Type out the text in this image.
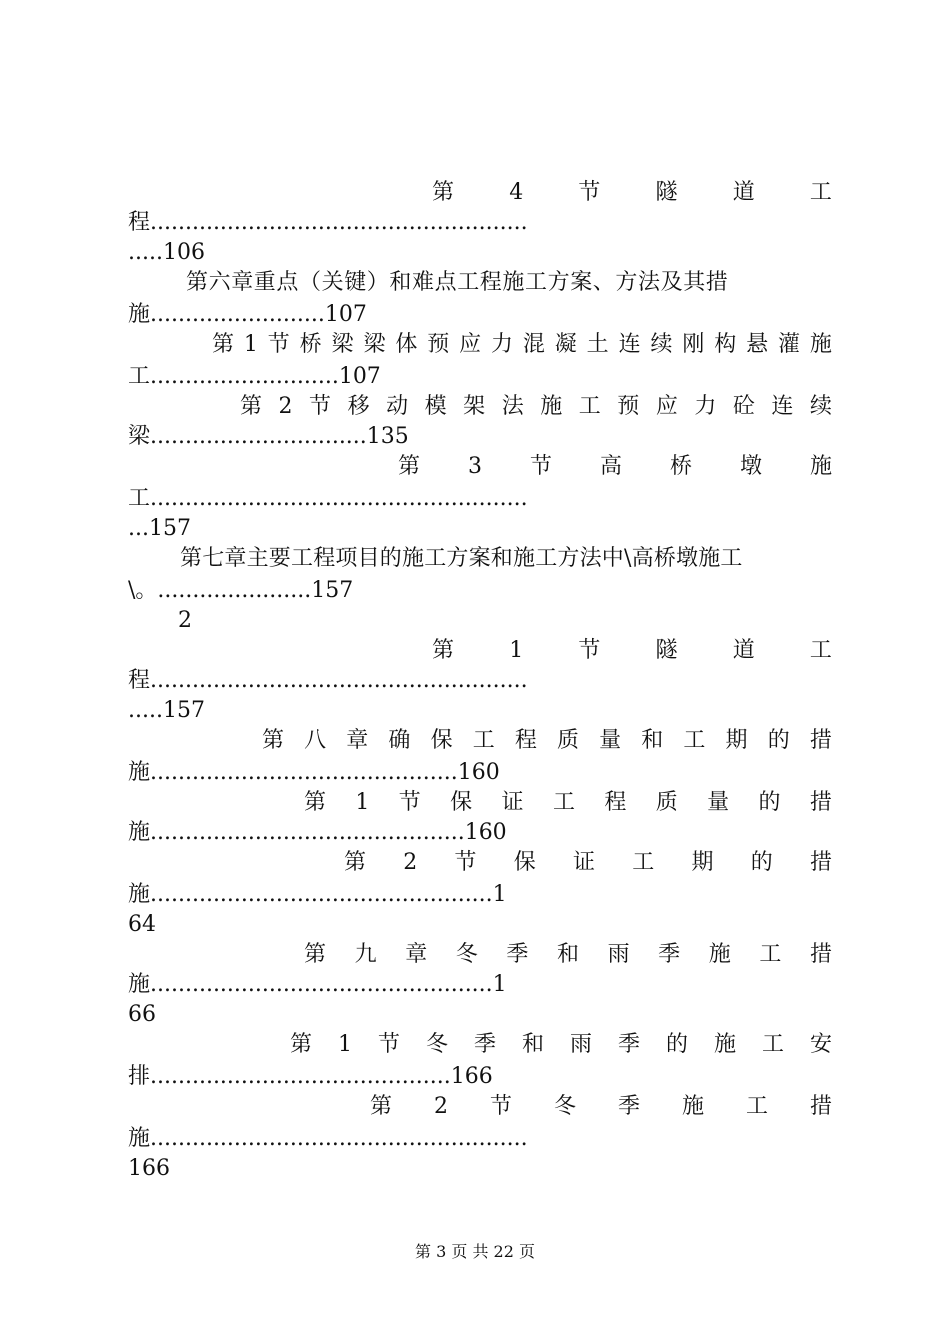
第	4	节	隧	道	工
程......................................................
.....106
第六章重点（关键）和难点工程施工方案、方法及其措
施.........................107
第 1 节 桥 梁 梁 体 预 应 力 混 凝 土 连 续 刚 构 悬 灌 施
工...........................107
第 2 节 移 动 模 架 法 施 工 预 应 力 砼 连 续
梁...............................135
第 3 节 高 桥 墩 施
工......................................................
...157
第七章主要工程项目的施工方案和施工方法中\高桥墩施工
\。......................157
2
第	1	节	隧	道	工
程......................................................
.....157
第 八 章 确 保 工 程 质 量 和 工 期 的 措
施............................................160
第 1 节 保 证 工 程 质 量 的 措
施.............................................160
第 2 节 保 证 工 期 的 措
施.................................................1
64
第 九 章 冬 季 和 雨 季 施 工 措
施.................................................1
66
第 1 节 冬 季 和 雨 季 的 施 工 安
排...........................................166
第 2 节 冬 季 施 工 措
施......................................................
166
第 3 页 共 22 页
